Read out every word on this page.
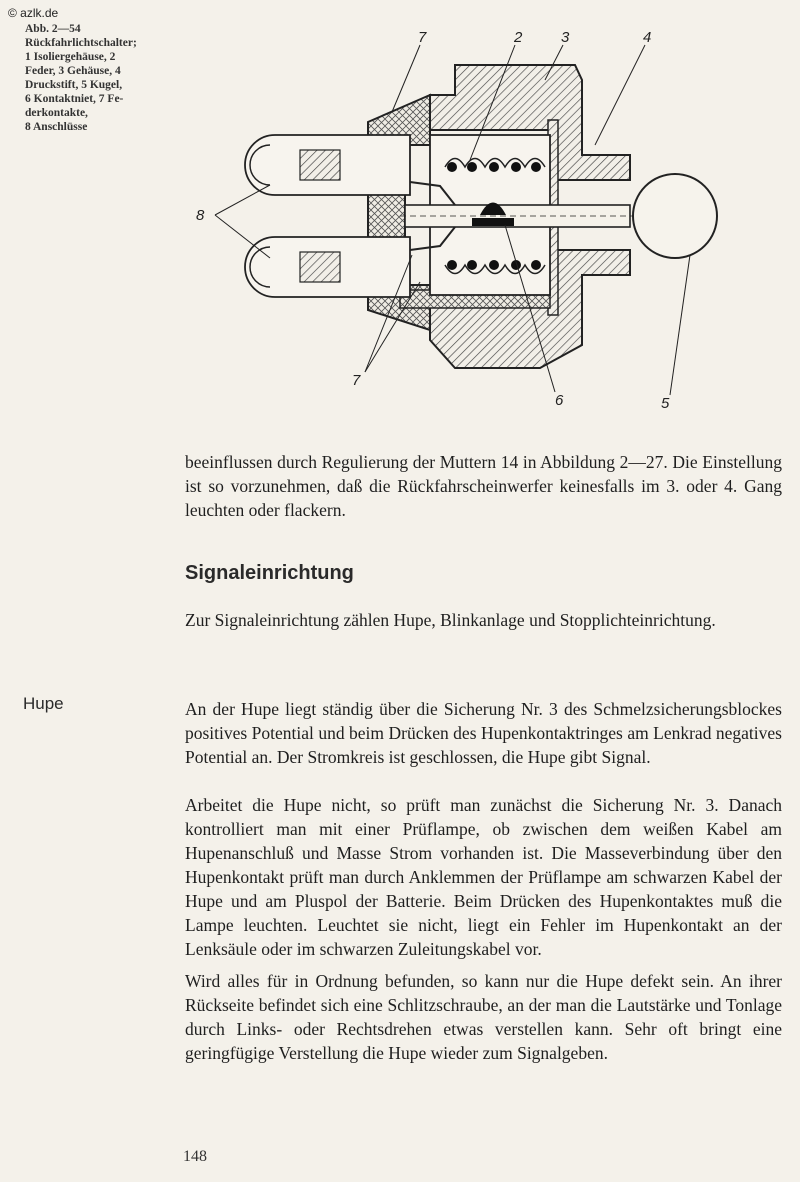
© azlk.de
Abb. 2—54
Rückfahrlichtschalter;
1 Isoliergehäuse, 2
Feder, 3 Gehäuse, 4
Druckstift, 5 Kugel,
6 Kontaktniet, 7 Fe-
derkontakte,
8 Anschlüsse
7	2	3	4
8
7
6	5
beeinflussen durch Regulierung der Muttern 14 in Abbildung 2—27. Die Einstellung ist so vorzunehmen, daß die Rückfahrscheinwerfer keinesfalls im 3. oder 4. Gang leuchten oder flackern.
Signaleinrichtung
Zur Signaleinrichtung zählen Hupe, Blinkanlage und Stopplichteinrichtung.
Hupe	An der Hupe liegt ständig über die Sicherung Nr. 3 des Schmelzsicherungsblockes positives Potential und beim Drücken des Hupenkontaktringes am Lenkrad negatives Potential an. Der Stromkreis ist geschlossen, die Hupe gibt Signal.
Arbeitet die Hupe nicht, so prüft man zunächst die Sicherung Nr. 3. Danach kontrolliert man mit einer Prüflampe, ob zwischen dem weißen Kabel am Hupenanschluß und Masse Strom vorhanden ist. Die Masseverbindung über den Hupenkontakt prüft man durch Anklemmen der Prüflampe am schwarzen Kabel der Hupe und am Pluspol der Batterie. Beim Drücken des Hupenkontaktes muß die Lampe leuchten. Leuchtet sie nicht, liegt ein Fehler im Hupenkontakt an der Lenksäule oder im schwarzen Zuleitungskabel vor.
Wird alles für in Ordnung befunden, so kann nur die Hupe defekt sein. An ihrer Rückseite befindet sich eine Schlitzschraube, an der man die Lautstärke und Tonlage durch Links- oder Rechtsdrehen etwas verstellen kann. Sehr oft bringt eine geringfügige Verstellung die Hupe wieder zum Signalgeben.
148
